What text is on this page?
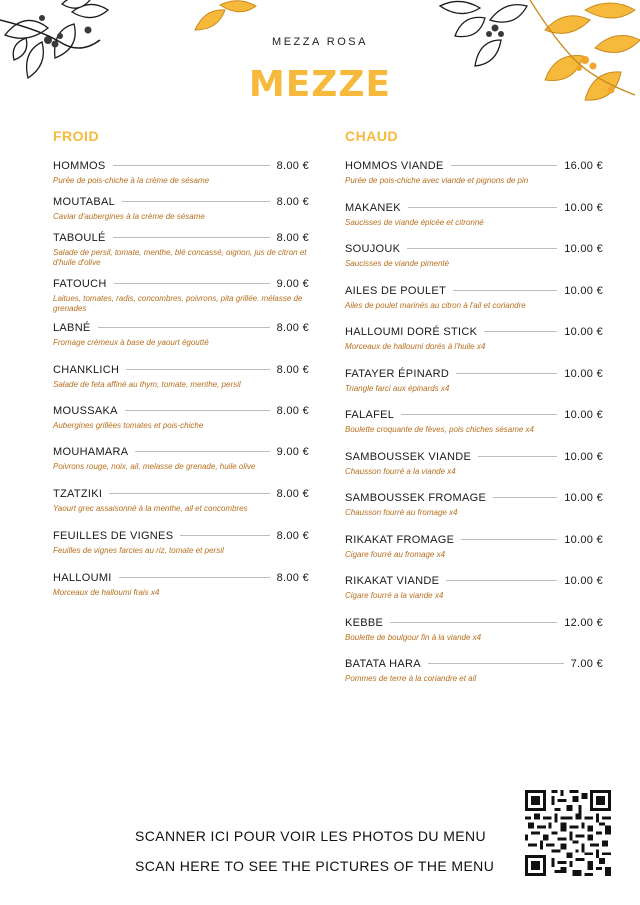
MEZZA ROSA
MEZZE
FROID
HOMMOS	8.00 €
Purée de pois-chiche à la crème de sésame
MOUTABAL	8.00 €
Caviar d'aubergines à la crème de sésame
TABOULÉ	8.00 €
Salade de persil, tomate, menthe, blé concassé, oignon, jus de citron et d'huile d'olive
FATOUCH	9.00 €
Laitues, tomates, radis, concombres, poivrons, pita grillée. mélasse de grenades
LABNÉ	8.00 €
Fromage crémeux à base de yaourt égoutté
CHANKLICH	8.00 €
Salade de feta affiné au thym, tomate, menthe, persil
MOUSSAKA	8.00 €
Aubergines grillées tomates et pois-chiche
MOUHAMARA	9.00 €
Poivrons rouge, noix, ail, melasse de grenade, huile olive
TZATZIKI	8.00 €
Yaourt grec assaisonné à la menthe, ail et concombres
FEUILLES DE VIGNES	8.00 €
Feuilles de vignes farcies au riz, tomate et persil
HALLOUMI	8.00 €
Morceaux de halloumi frais x4
CHAUD
HOMMOS VIANDE	16.00 €
Purée de pois-chiche avec viande et pignons de pin
MAKANEK	10.00 €
Saucisses de viande épicée et citronné
SOUJOUK	10.00 €
Saucisses de viande pimenté
AILES DE POULET	10.00 €
Ailes de poulet marinés au citron à l'ail et coriandre
HALLOUMI DORÉ STICK	10.00 €
Morceaux de halloumi dorés à l'huile x4
FATAYER ÉPINARD	10.00 €
Triangle farci aux épinards x4
FALAFEL	10.00 €
Boulette croquante de fèves, pois chiches sésame x4
SAMBOUSSEK VIANDE	10.00 €
Chausson fourré a la viande x4
SAMBOUSSEK FROMAGE	10.00 €
Chausson fourré au fromage x4
RIKAKAT FROMAGE	10.00 €
Cigare fourré au fromage x4
RIKAKAT VIANDE	10.00 €
Cigare fourré a la viande x4
KEBBE	12.00 €
Boulette de boulgour fin à la viande x4
BATATA HARA	7.00 €
Pommes de terre à la coriandre et ail
SCANNER ICI POUR VOIR LES PHOTOS DU MENU
SCAN HERE TO SEE THE PICTURES OF THE MENU
